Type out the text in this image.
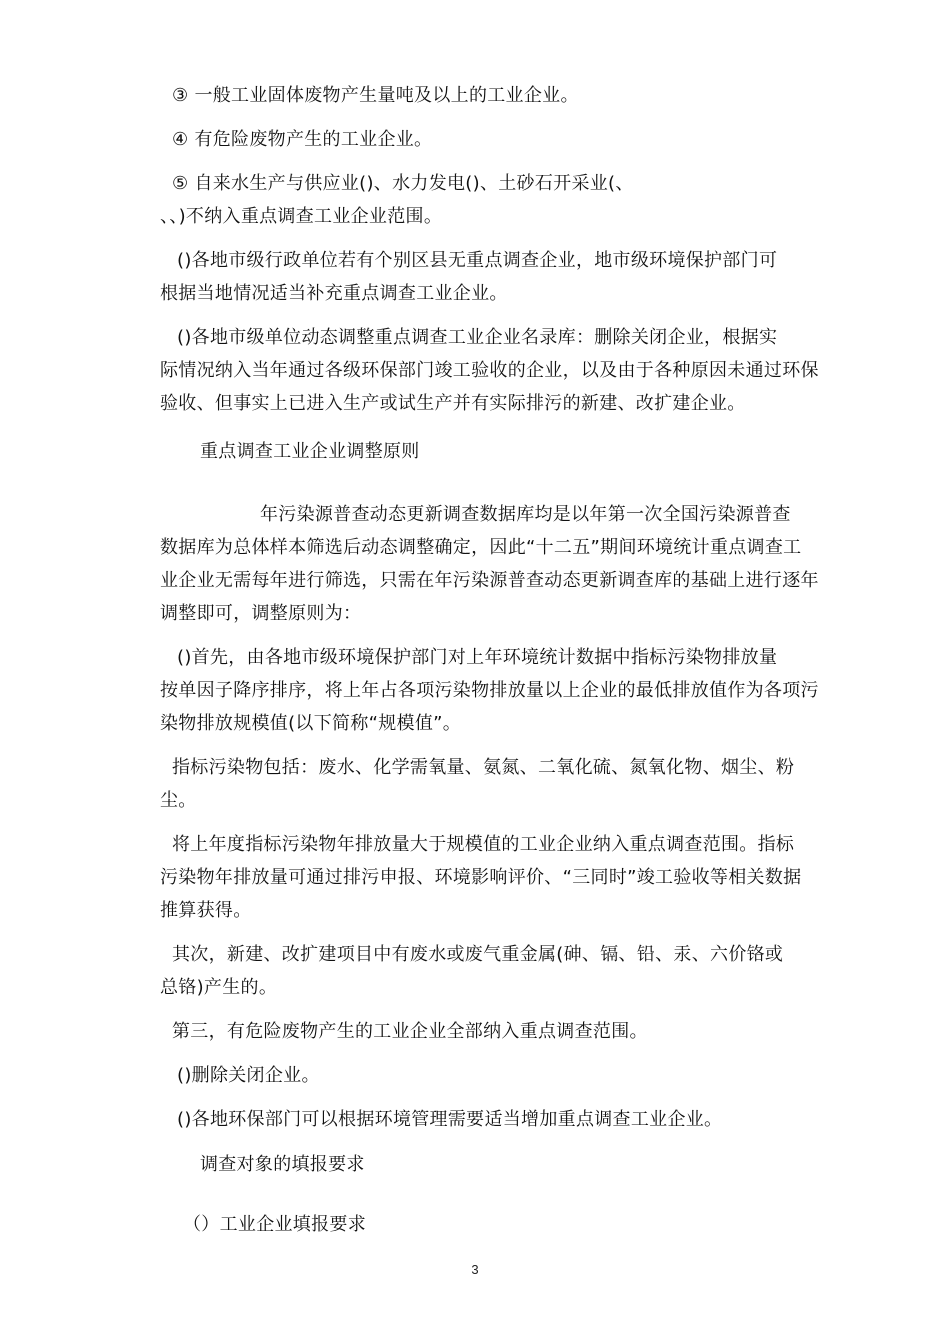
③ 一般工业固体废物产生量吨及以上的工业企业。
④ 有危险废物产生的工业企业。
⑤ 自来水生产与供应业()、水力发电()、土砂石开采业(、
、、)不纳入重点调查工业企业范围。
()各地市级行政单位若有个别区县无重点调查企业，地市级环境保护部门可
根据当地情况适当补充重点调查工业企业。
()各地市级单位动态调整重点调查工业企业名录库：删除关闭企业，根据实
际情况纳入当年通过各级环保部门竣工验收的企业，以及由于各种原因未通过环保
验收、但事实上已进入生产或试生产并有实际排污的新建、改扩建企业。
重点调查工业企业调整原则
年污染源普查动态更新调查数据库均是以年第一次全国污染源普查
数据库为总体样本筛选后动态调整确定，因此“十二五”期间环境统计重点调查工
业企业无需每年进行筛选，只需在年污染源普查动态更新调查库的基础上进行逐年
调整即可，调整原则为：
()首先，由各地市级环境保护部门对上年环境统计数据中指标污染物排放量
按单因子降序排序，将上年占各项污染物排放量以上企业的最低排放值作为各项污
染物排放规模值(以下简称“规模值”。
指标污染物包括：废水、化学需氧量、氨氮、二氧化硫、氮氧化物、烟尘、粉
尘。
将上年度指标污染物年排放量大于规模值的工业企业纳入重点调查范围。指标
污染物年排放量可通过排污申报、环境影响评价、“三同时”竣工验收等相关数据
推算获得。
其次，新建、改扩建项目中有废水或废气重金属(砷、镉、铅、汞、六价铬或
总铬)产生的。
第三，有危险废物产生的工业企业全部纳入重点调查范围。
()删除关闭企业。
()各地环保部门可以根据环境管理需要适当增加重点调查工业企业。
调查对象的填报要求
（）工业企业填报要求
3
